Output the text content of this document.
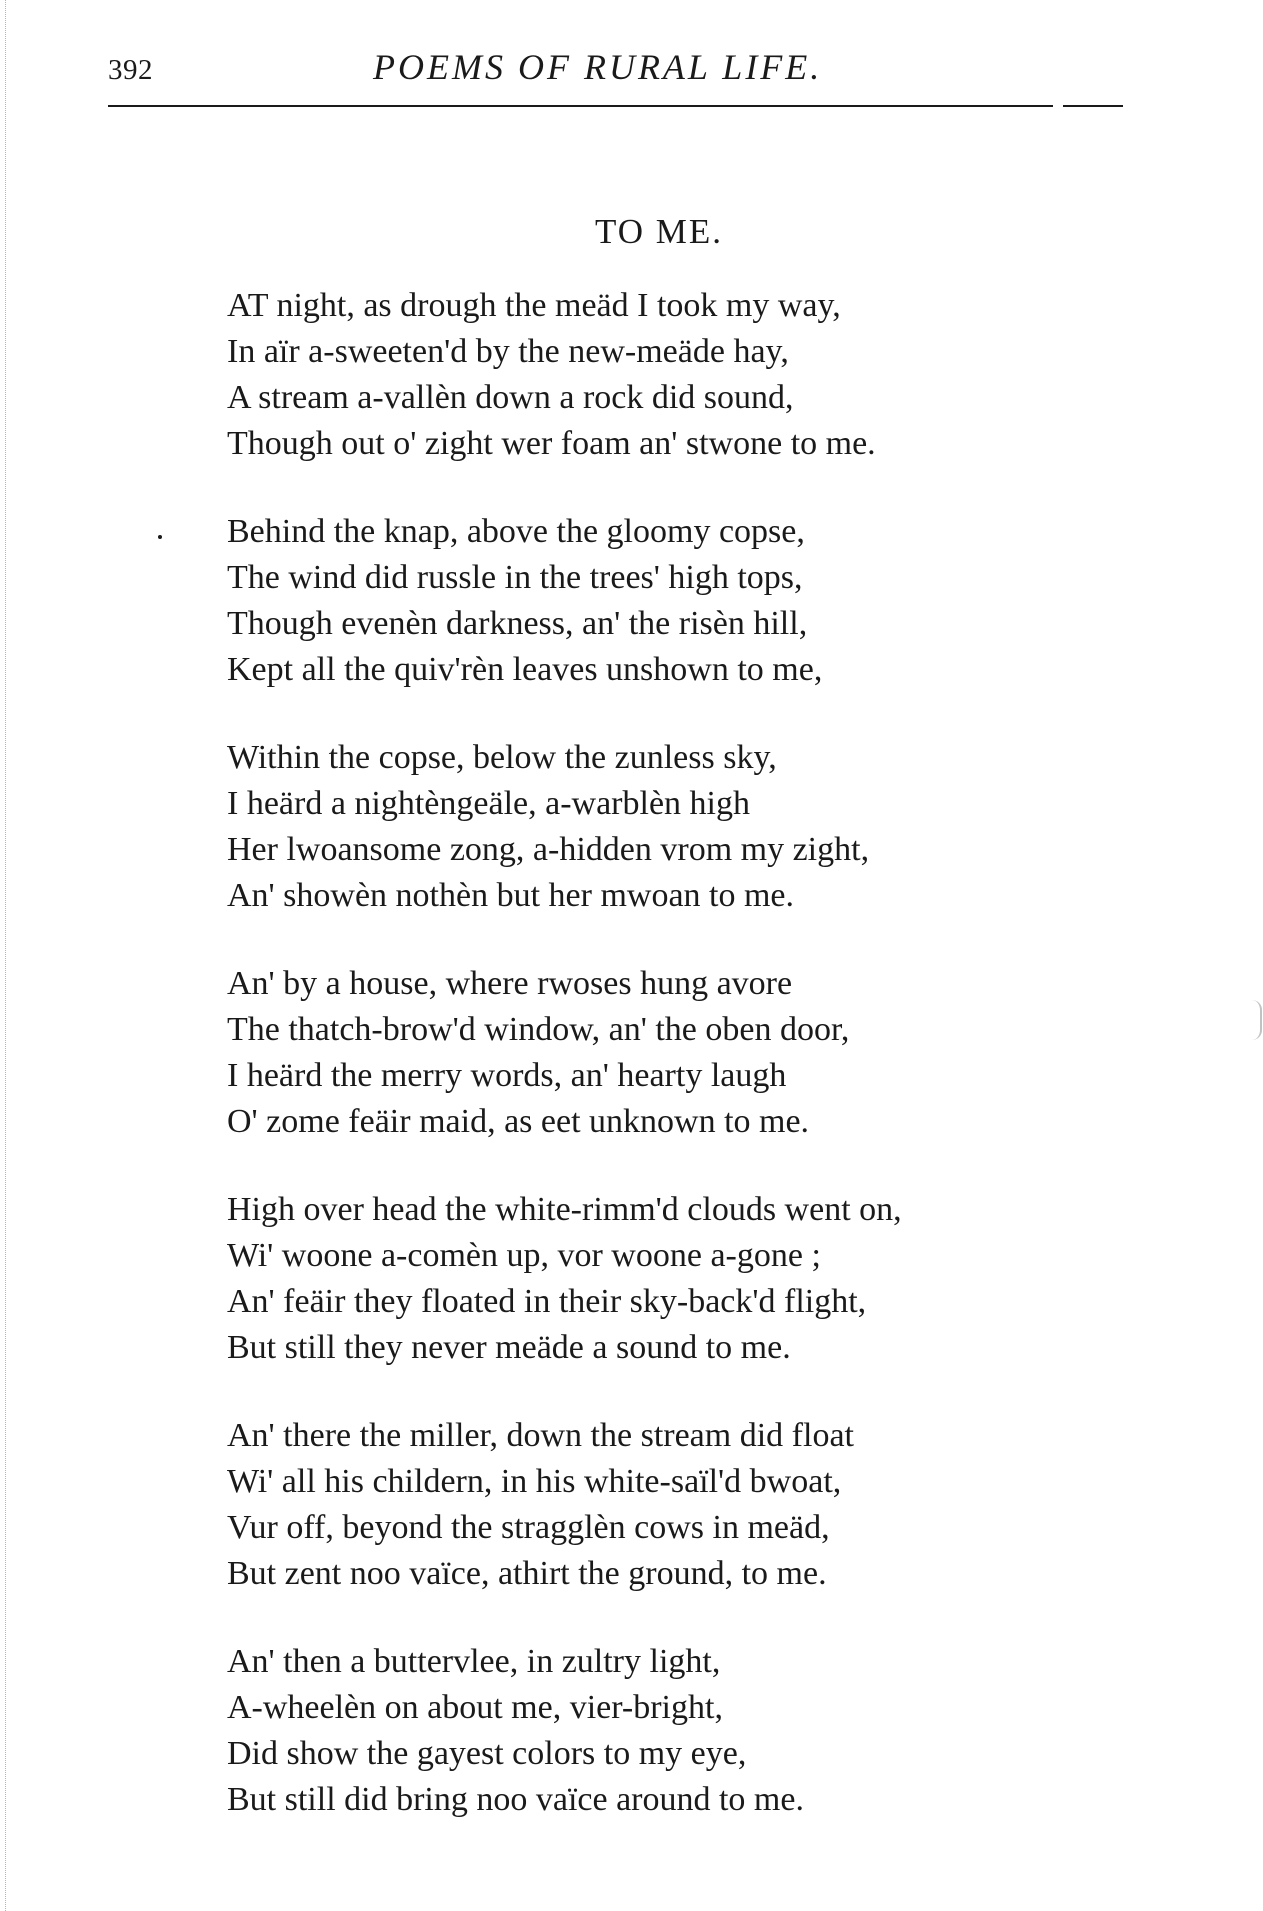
392	POEMS OF RURAL LIFE.
TO ME.
AT night, as drough the meäd I took my way,
In aïr a-sweeten'd by the new-meäde hay,
A stream a-vallèn down a rock did sound,
Though out o' zight wer foam an' stwone to me.
Behind the knap, above the gloomy copse,
The wind did russle in the trees' high tops,
Though evenèn darkness, an' the risèn hill,
Kept all the quiv'rèn leaves unshown to me,
Within the copse, below the zunless sky,
I heärd a nightèngeäle, a-warblèn high
Her lwoansome zong, a-hidden vrom my zight,
An' showèn nothèn but her mwoan to me.
An' by a house, where rwoses hung avore
The thatch-brow'd window, an' the oben door,
I heärd the merry words, an' hearty laugh
O' zome feäir maid, as eet unknown to me.
High over head the white-rimm'd clouds went on,
Wi' woone a-comèn up, vor woone a-gone ;
An' feäir they floated in their sky-back'd flight,
But still they never meäde a sound to me.
An' there the miller, down the stream did float
Wi' all his childern, in his white-saïl'd bwoat,
Vur off, beyond the stragglèn cows in meäd,
But zent noo vaïce, athirt the ground, to me.
An' then a buttervlee, in zultry light,
A-wheelèn on about me, vier-bright,
Did show the gayest colors to my eye,
But still did bring noo vaïce around to me.
